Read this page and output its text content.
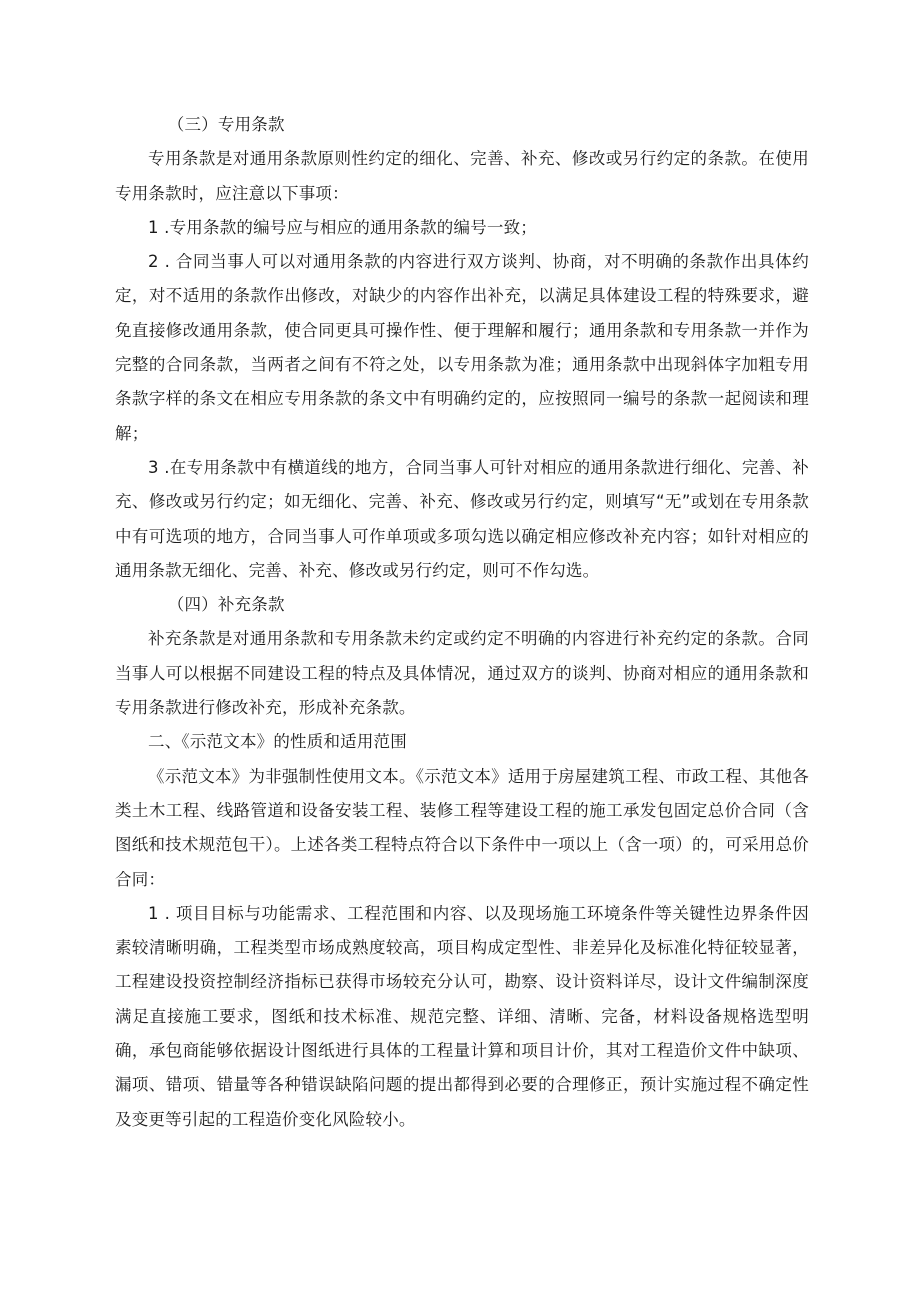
（三）专用条款

专用条款是对通用条款原则性约定的细化、完善、补充、修改或另行约定的条款。在使用专用条款时，应注意以下事项：

1 .专用条款的编号应与相应的通用条款的编号一致；

2 . 合同当事人可以对通用条款的内容进行双方谈判、协商，对不明确的条款作出具体约定，对不适用的条款作出修改，对缺少的内容作出补充，以满足具体建设工程的特殊要求，避免直接修改通用条款，使合同更具可操作性、便于理解和履行；通用条款和专用条款一并作为完整的合同条款，当两者之间有不符之处，以专用条款为准；通用条款中出现斜体字加粗专用条款字样的条文在相应专用条款的条文中有明确约定的，应按照同一编号的条款一起阅读和理解；

3 .在专用条款中有横道线的地方，合同当事人可针对相应的通用条款进行细化、完善、补充、修改或另行约定；如无细化、完善、补充、修改或另行约定，则填写“无”或划在专用条款中有可选项的地方，合同当事人可作单项或多项勾选以确定相应修改补充内容；如针对相应的通用条款无细化、完善、补充、修改或另行约定，则可不作勾选。

（四）补充条款

补充条款是对通用条款和专用条款未约定或约定不明确的内容进行补充约定的条款。合同当事人可以根据不同建设工程的特点及具体情况，通过双方的谈判、协商对相应的通用条款和专用条款进行修改补充，形成补充条款。

二、《示范文本》的性质和适用范围

《示范文本》为非强制性使用文本。《示范文本》适用于房屋建筑工程、市政工程、其他各类土木工程、线路管道和设备安装工程、装修工程等建设工程的施工承发包固定总价合同（含图纸和技术规范包干）。上述各类工程特点符合以下条件中一项以上（含一项）的，可采用总价合同：

1 . 项目目标与功能需求、工程范围和内容、以及现场施工环境条件等关键性边界条件因素较清晰明确，工程类型市场成熟度较高，项目构成定型性、非差异化及标准化特征较显著，工程建设投资控制经济指标已获得市场较充分认可，勘察、设计资料详尽，设计文件编制深度满足直接施工要求，图纸和技术标准、规范完整、详细、清晰、完备，材料设备规格选型明确，承包商能够依据设计图纸进行具体的工程量计算和项目计价，其对工程造价文件中缺项、漏项、错项、错量等各种错误缺陷问题的提出都得到必要的合理修正，预计实施过程不确定性及变更等引起的工程造价变化风险较小。
